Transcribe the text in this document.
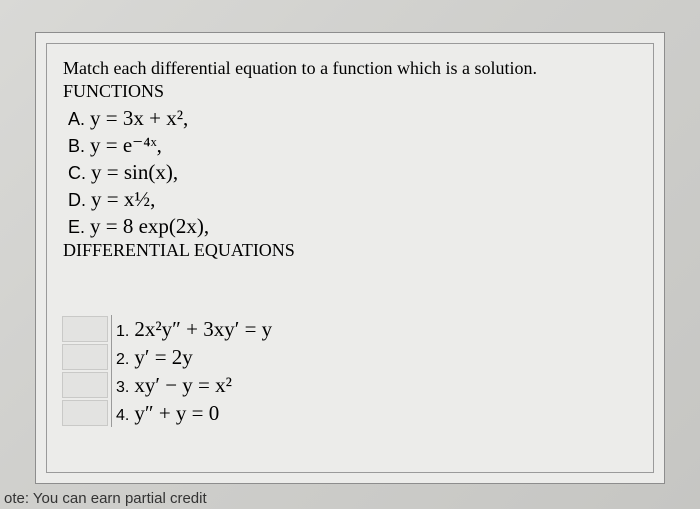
Match each differential equation to a function which is a solution.
FUNCTIONS
A. y = 3x + x²,
B. y = e⁻⁴ˣ,
C. y = sin(x),
D. y = x½,
E. y = 8 exp(2x),
DIFFERENTIAL EQUATIONS
1. 2x²y″ + 3xy′ = y
2. y′ = 2y
3. xy′ − y = x²
4. y″ + y = 0
ote: You can earn partial credit
